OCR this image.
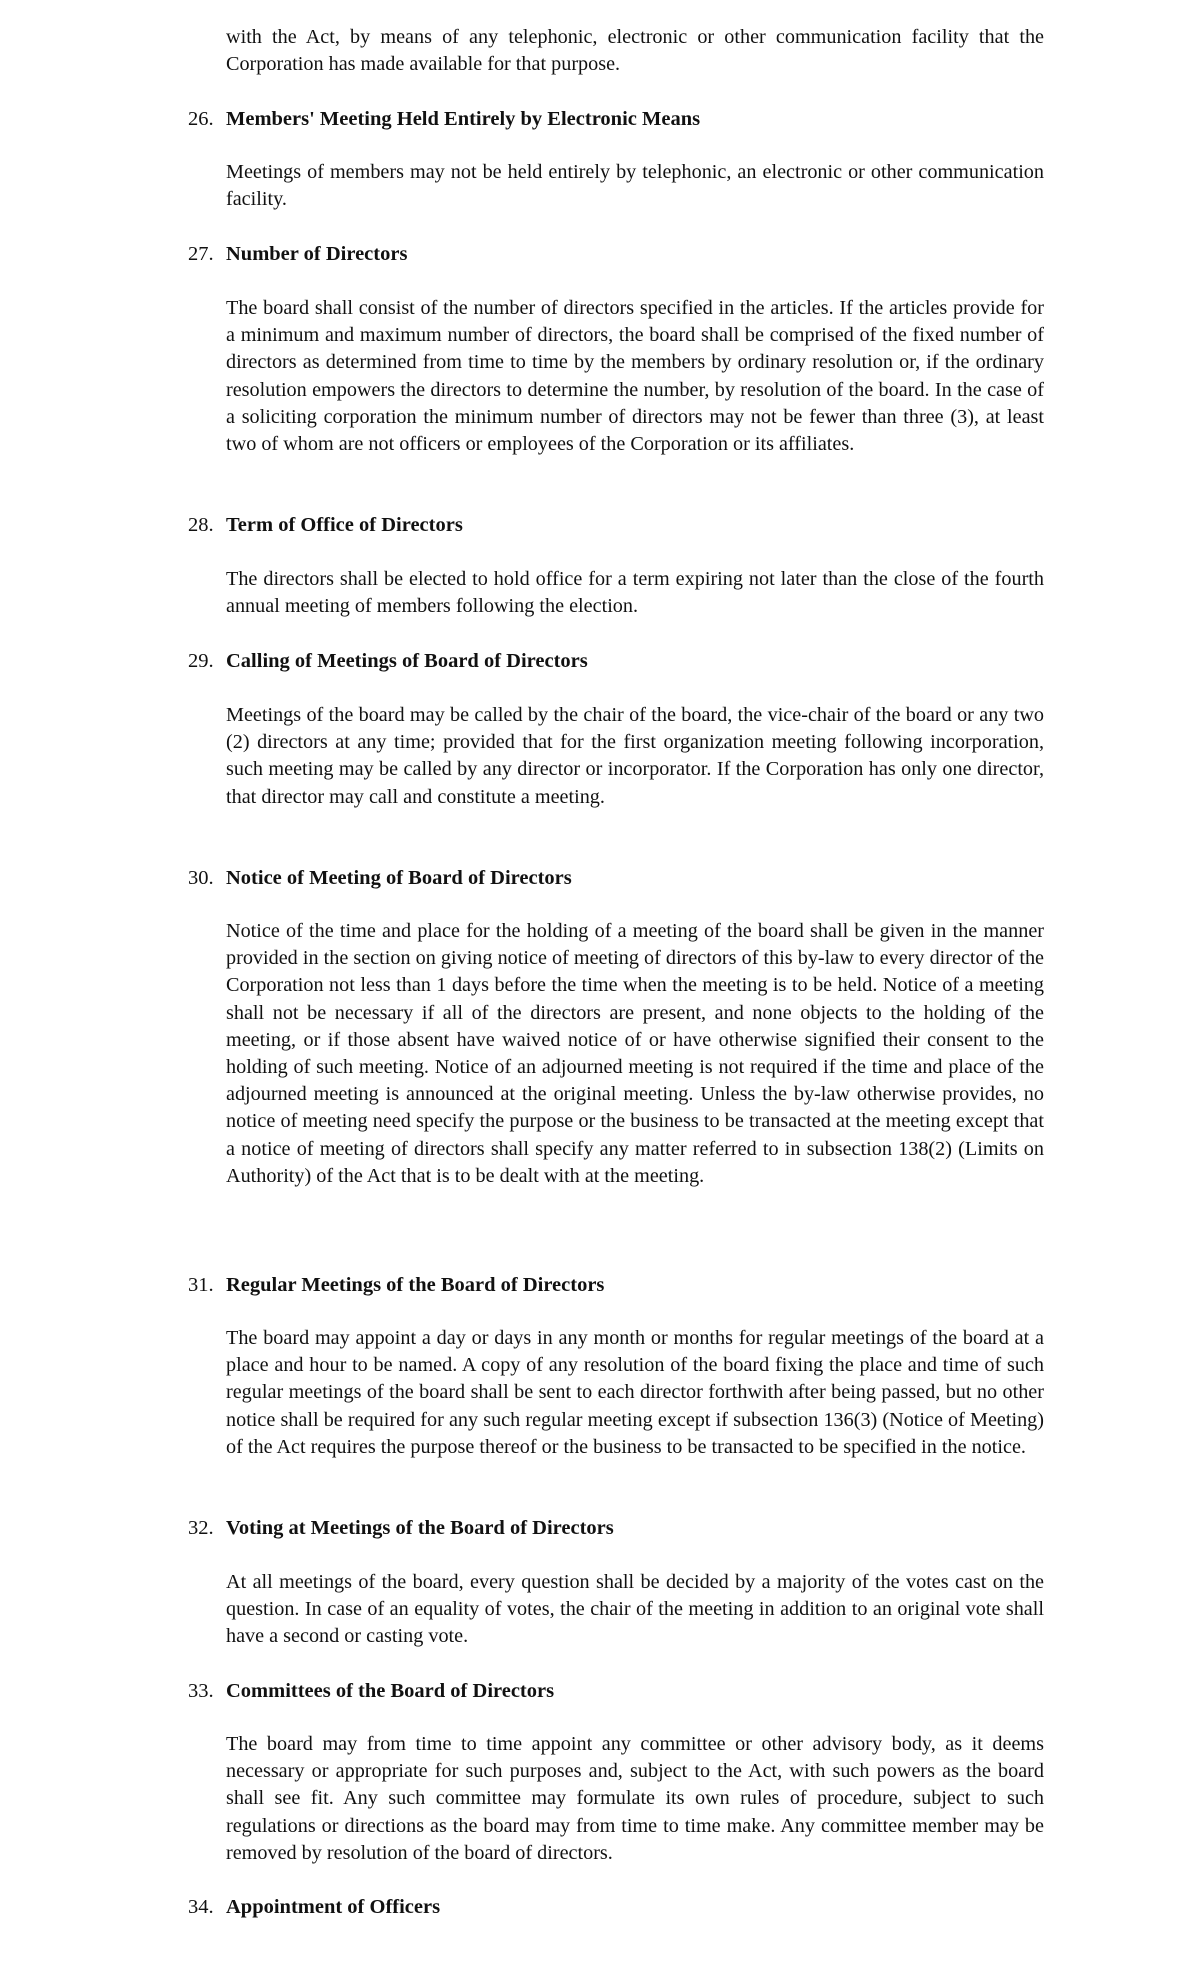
with the Act, by means of any telephonic, electronic or other communication facility that the Corporation has made available for that purpose.

26. Members' Meeting Held Entirely by Electronic Means

Meetings of members may not be held entirely by telephonic, an electronic or other communication facility.

27. Number of Directors

The board shall consist of the number of directors specified in the articles. If the articles provide for a minimum and maximum number of directors, the board shall be comprised of the fixed number of directors as determined from time to time by the members by ordinary resolution or, if the ordinary resolution empowers the directors to determine the number, by resolution of the board. In the case of a soliciting corporation the minimum number of directors may not be fewer than three (3), at least two of whom are not officers or employees of the Corporation or its affiliates.

28. Term of Office of Directors

The directors shall be elected to hold office for a term expiring not later than the close of the fourth annual meeting of members following the election.

29. Calling of Meetings of Board of Directors

Meetings of the board may be called by the chair of the board, the vice-chair of the board or any two (2) directors at any time; provided that for the first organization meeting following incorporation, such meeting may be called by any director or incorporator. If the Corporation has only one director, that director may call and constitute a meeting.

30. Notice of Meeting of Board of Directors

Notice of the time and place for the holding of a meeting of the board shall be given in the manner provided in the section on giving notice of meeting of directors of this by-law to every director of the Corporation not less than 1 days before the time when the meeting is to be held. Notice of a meeting shall not be necessary if all of the directors are present, and none objects to the holding of the meeting, or if those absent have waived notice of or have otherwise signified their consent to the holding of such meeting. Notice of an adjourned meeting is not required if the time and place of the adjourned meeting is announced at the original meeting. Unless the by-law otherwise provides, no notice of meeting need specify the purpose or the business to be transacted at the meeting except that a notice of meeting of directors shall specify any matter referred to in subsection 138(2) (Limits on Authority) of the Act that is to be dealt with at the meeting.

31. Regular Meetings of the Board of Directors

The board may appoint a day or days in any month or months for regular meetings of the board at a place and hour to be named. A copy of any resolution of the board fixing the place and time of such regular meetings of the board shall be sent to each director forthwith after being passed, but no other notice shall be required for any such regular meeting except if subsection 136(3) (Notice of Meeting) of the Act requires the purpose thereof or the business to be transacted to be specified in the notice.

32. Voting at Meetings of the Board of Directors

At all meetings of the board, every question shall be decided by a majority of the votes cast on the question. In case of an equality of votes, the chair of the meeting in addition to an original vote shall have a second or casting vote.

33. Committees of the Board of Directors

The board may from time to time appoint any committee or other advisory body, as it deems necessary or appropriate for such purposes and, subject to the Act, with such powers as the board shall see fit. Any such committee may formulate its own rules of procedure, subject to such regulations or directions as the board may from time to time make. Any committee member may be removed by resolution of the board of directors.

34. Appointment of Officers
